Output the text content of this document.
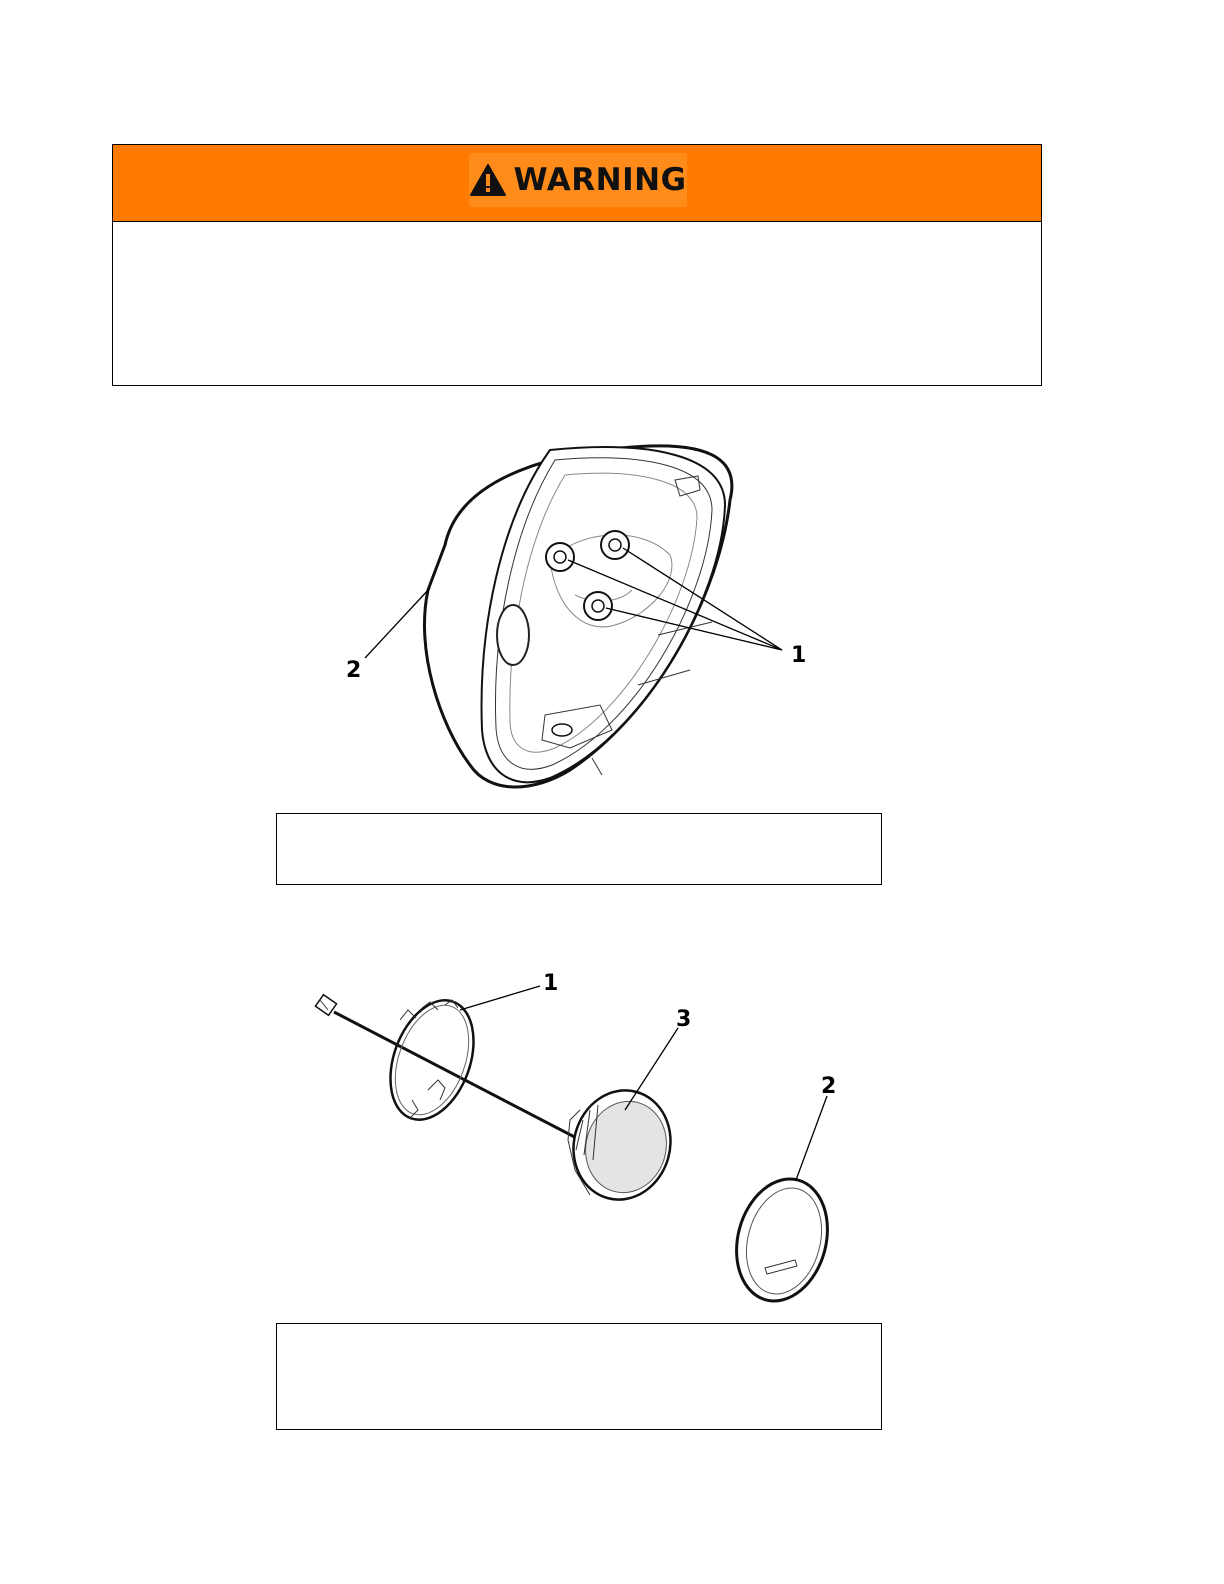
WARNING
1
2
1
3
2
